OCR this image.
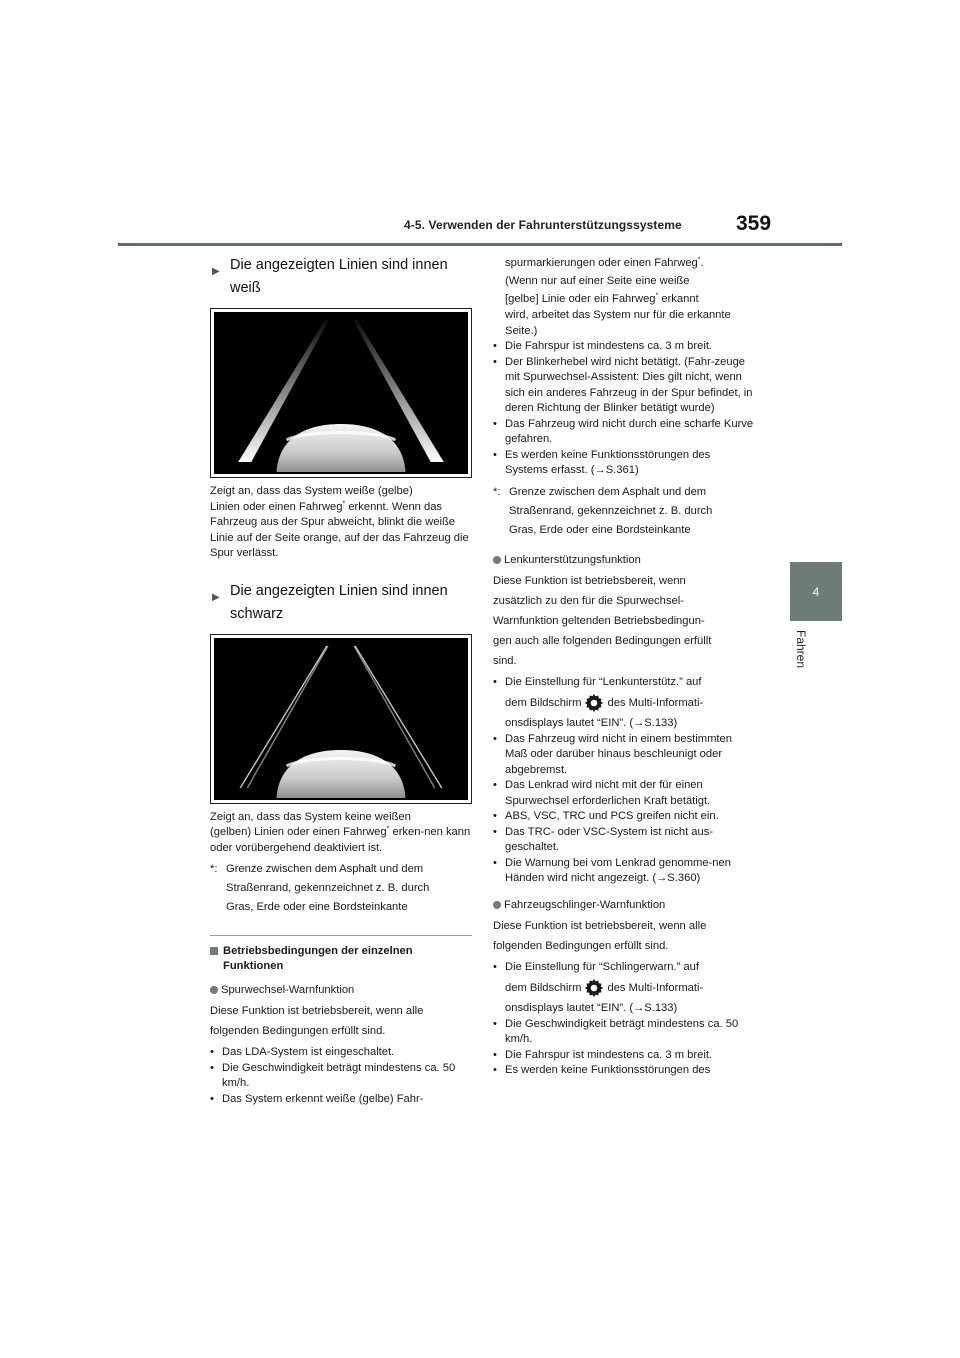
4-5. Verwenden der Fahrunterstützungssysteme	359
4
Fahren
▶ Die angezeigten Linien sind innen
weiß
Zeigt an, dass das System weiße (gelbe)
Linien oder einen Fahrweg* erkennt. Wenn das Fahrzeug aus der Spur abweicht, blinkt die weiße Linie auf der Seite orange, auf der das Fahrzeug die Spur verlässt.
▶ Die angezeigten Linien sind innen
schwarz
Zeigt an, dass das System keine weißen
(gelben) Linien oder einen Fahrweg* erken-nen kann oder vorübergehend deaktiviert ist.
*: Grenze zwischen dem Asphalt und dem
Straßenrand, gekennzeichnet z. B. durch
Gras, Erde oder eine Bordsteinkante
Betriebsbedingungen der einzelnen Funktionen
Spurwechsel-Warnfunktion
Diese Funktion ist betriebsbereit, wenn alle
folgenden Bedingungen erfüllt sind.
• Das LDA-System ist eingeschaltet.
• Die Geschwindigkeit beträgt mindestens ca. 50 km/h.
• Das System erkennt weiße (gelbe) Fahr-
spurmarkierungen oder einen Fahrweg*.
(Wenn nur auf einer Seite eine weiße
[gelbe] Linie oder ein Fahrweg* erkannt
wird, arbeitet das System nur für die erkannte Seite.)
• Die Fahrspur ist mindestens ca. 3 m breit.
• Der Blinkerhebel wird nicht betätigt. (Fahr-zeuge mit Spurwechsel-Assistent: Dies gilt nicht, wenn sich ein anderes Fahrzeug in der Spur befindet, in deren Richtung der Blinker betätigt wurde)
• Das Fahrzeug wird nicht durch eine scharfe Kurve gefahren.
• Es werden keine Funktionsstörungen des Systems erfasst. (→S.361)
*: Grenze zwischen dem Asphalt und dem
Straßenrand, gekennzeichnet z. B. durch
Gras, Erde oder eine Bordsteinkante
Lenkunterstützungsfunktion
Diese Funktion ist betriebsbereit, wenn
zusätzlich zu den für die Spurwechsel-
Warnfunktion geltenden Betriebsbedingun-
gen auch alle folgenden Bedingungen erfüllt
sind.
• Die Einstellung für “Lenkunterstütz.” auf
dem Bildschirm des Multi-Informati-
onsdisplays lautet “EIN”. (→S.133)
• Das Fahrzeug wird nicht in einem bestimmten Maß oder darüber hinaus beschleunigt oder abgebremst.
• Das Lenkrad wird nicht mit der für einen Spurwechsel erforderlichen Kraft betätigt.
• ABS, VSC, TRC und PCS greifen nicht ein.
• Das TRC- oder VSC-System ist nicht aus-geschaltet.
• Die Warnung bei vom Lenkrad genomme-nen Händen wird nicht angezeigt. (→S.360)
Fahrzeugschlinger-Warnfunktion
Diese Funktion ist betriebsbereit, wenn alle
folgenden Bedingungen erfüllt sind.
• Die Einstellung für “Schlingerwarn.” auf
dem Bildschirm des Multi-Informati-
onsdisplays lautet “EIN”. (→S.133)
• Die Geschwindigkeit beträgt mindestens ca. 50 km/h.
• Die Fahrspur ist mindestens ca. 3 m breit.
• Es werden keine Funktionsstörungen des
